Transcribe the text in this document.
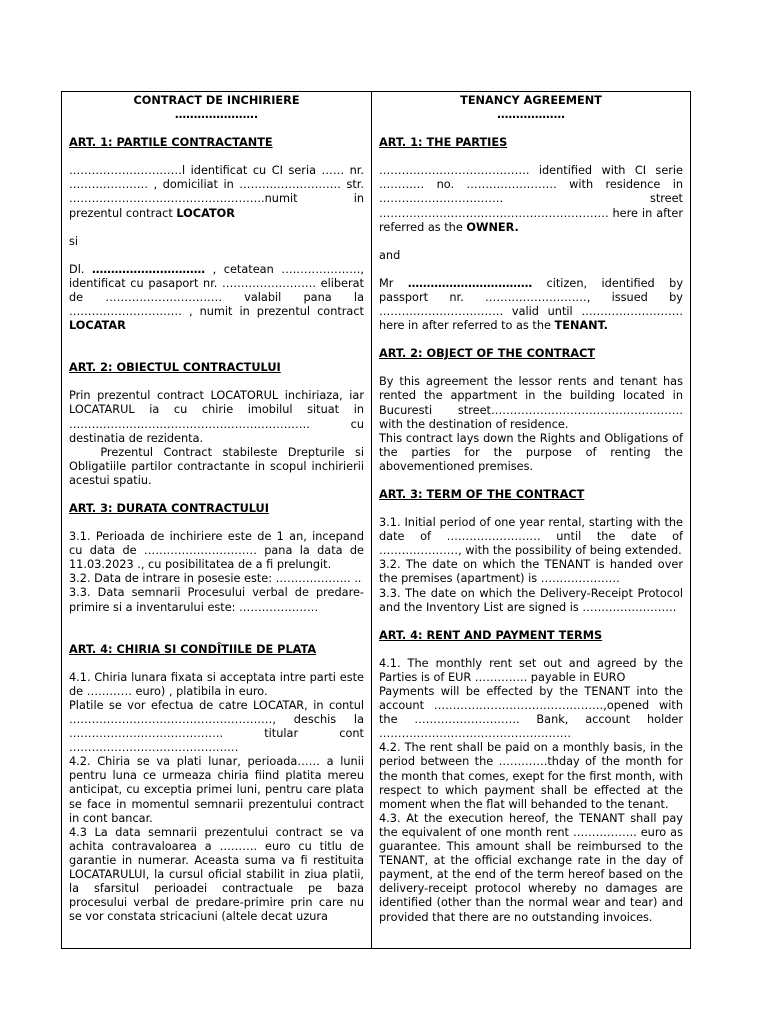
CONTRACT DE INCHIRIERE
………………….
ART. 1: PARTILE CONTRACTANTE
…………………………l identificat cu CI seria …… nr. ………………… , domiciliat in ……………………… str. …………………………………………….numit in prezentul contract LOCATOR
si
Dl. ………………………… , cetatean …………………, identificat cu pasaport nr. ……………………. eliberat de …………………………. valabil pana la ………………………… , numit in prezentul contract LOCATAR
ART. 2: OBIECTUL CONTRACTULUI
Prin prezentul contract LOCATORUL inchiriaza, iar LOCATARUL ia cu chirie imobilul situat in ………………………………………………………. cu destinatia de rezidenta.
Prezentul Contract stabileste Drepturile si Obligatiile partilor contractante in scopul inchirierii acestui spatiu.
ART. 3: DURATA CONTRACTULUI
3.1. Perioada de inchiriere este de 1 an, incepand cu data de ………………………… pana la data de 11.03.2023 ., cu posibilitatea de a fi prelungit.
3.2. Data de intrare in posesie este: ……………….. ..
3.3. Data semnarii Procesului verbal de predare-primire si a inventarului este: …………………
ART. 4: CHIRIA SI CONDÎTIILE DE PLATA
4.1. Chiria lunara fixata si acceptata intre parti este de ………… euro) , platibila in euro.
Platile se vor efectua de catre LOCATAR, in contul ………………………………………………, deschis la ………………………………….. titular cont ………………………………………
4.2. Chiria se va plati lunar, perioada…… a lunii pentru luna ce urmeaza chiria fiind platita mereu anticipat, cu exceptia primei luni, pentru care plata se face in momentul semnarii prezentului contract in cont bancar.
4.3 La data semnarii prezentului contract se va achita contravaloarea a ………. euro cu titlu de garantie in numerar. Aceasta suma va fi restituita LOCATARULUI, la cursul oficial stabilit in ziua platii, la sfarsitul perioadei contractuale pe baza procesului verbal de predare-primire prin care nu se vor constata stricaciuni (altele decat uzura
TENANCY AGREEMENT
………………
ART. 1: THE PARTIES
…………………………………. identified with CI serie ………… no. …………………… with residence in …………………………… street ……………………………………………………. here in after referred as the OWNER.
and
Mr …………………………… citizen, identified by passport nr. ………………………, issued by …………………………… valid until ……………………… here in after referred to as the TENANT.
ART. 2: OBJECT OF THE CONTRACT
By this agreement the lessor rents and tenant has rented the appartment in the building located in Bucuresti street…………………………………………… with the destination of residence.
This contract lays down the Rights and Obligations of the parties for the purpose of renting the abovementioned premises.
ART. 3: TERM OF THE CONTRACT
3.1. Initial period of one year rental, starting with the date of ……………………. until the date of …………………, with the possibility of being extended.
3.2. The date on which the TENANT is handed over the premises (apartment) is …………………
3.3. The date on which the Delivery-Receipt Protocol and the Inventory List are signed is …………………….
ART. 4: RENT AND PAYMENT TERMS
4.1. The monthly rent set out and agreed by the Parties is of EUR ………….. payable in EURO
Payments will be effected by the TENANT into the account ………………………………………,opened with the ………………………. Bank, account holder ……………………………………………
4.2. The rent shall be paid on a monthly basis, in the period between the ………….thday of the month for the month that comes, exept for the first month, with respect to which payment shall be effected at the moment when the flat will behanded to the tenant.
4.3. At the execution hereof, the TENANT shall pay the equivalent of one month rent …………….. euro as guarantee. This amount shall be reimbursed to the TENANT, at the official exchange rate in the day of payment, at the end of the term hereof based on the delivery-receipt protocol whereby no damages are identified (other than the normal wear and tear) and provided that there are no outstanding invoices.
